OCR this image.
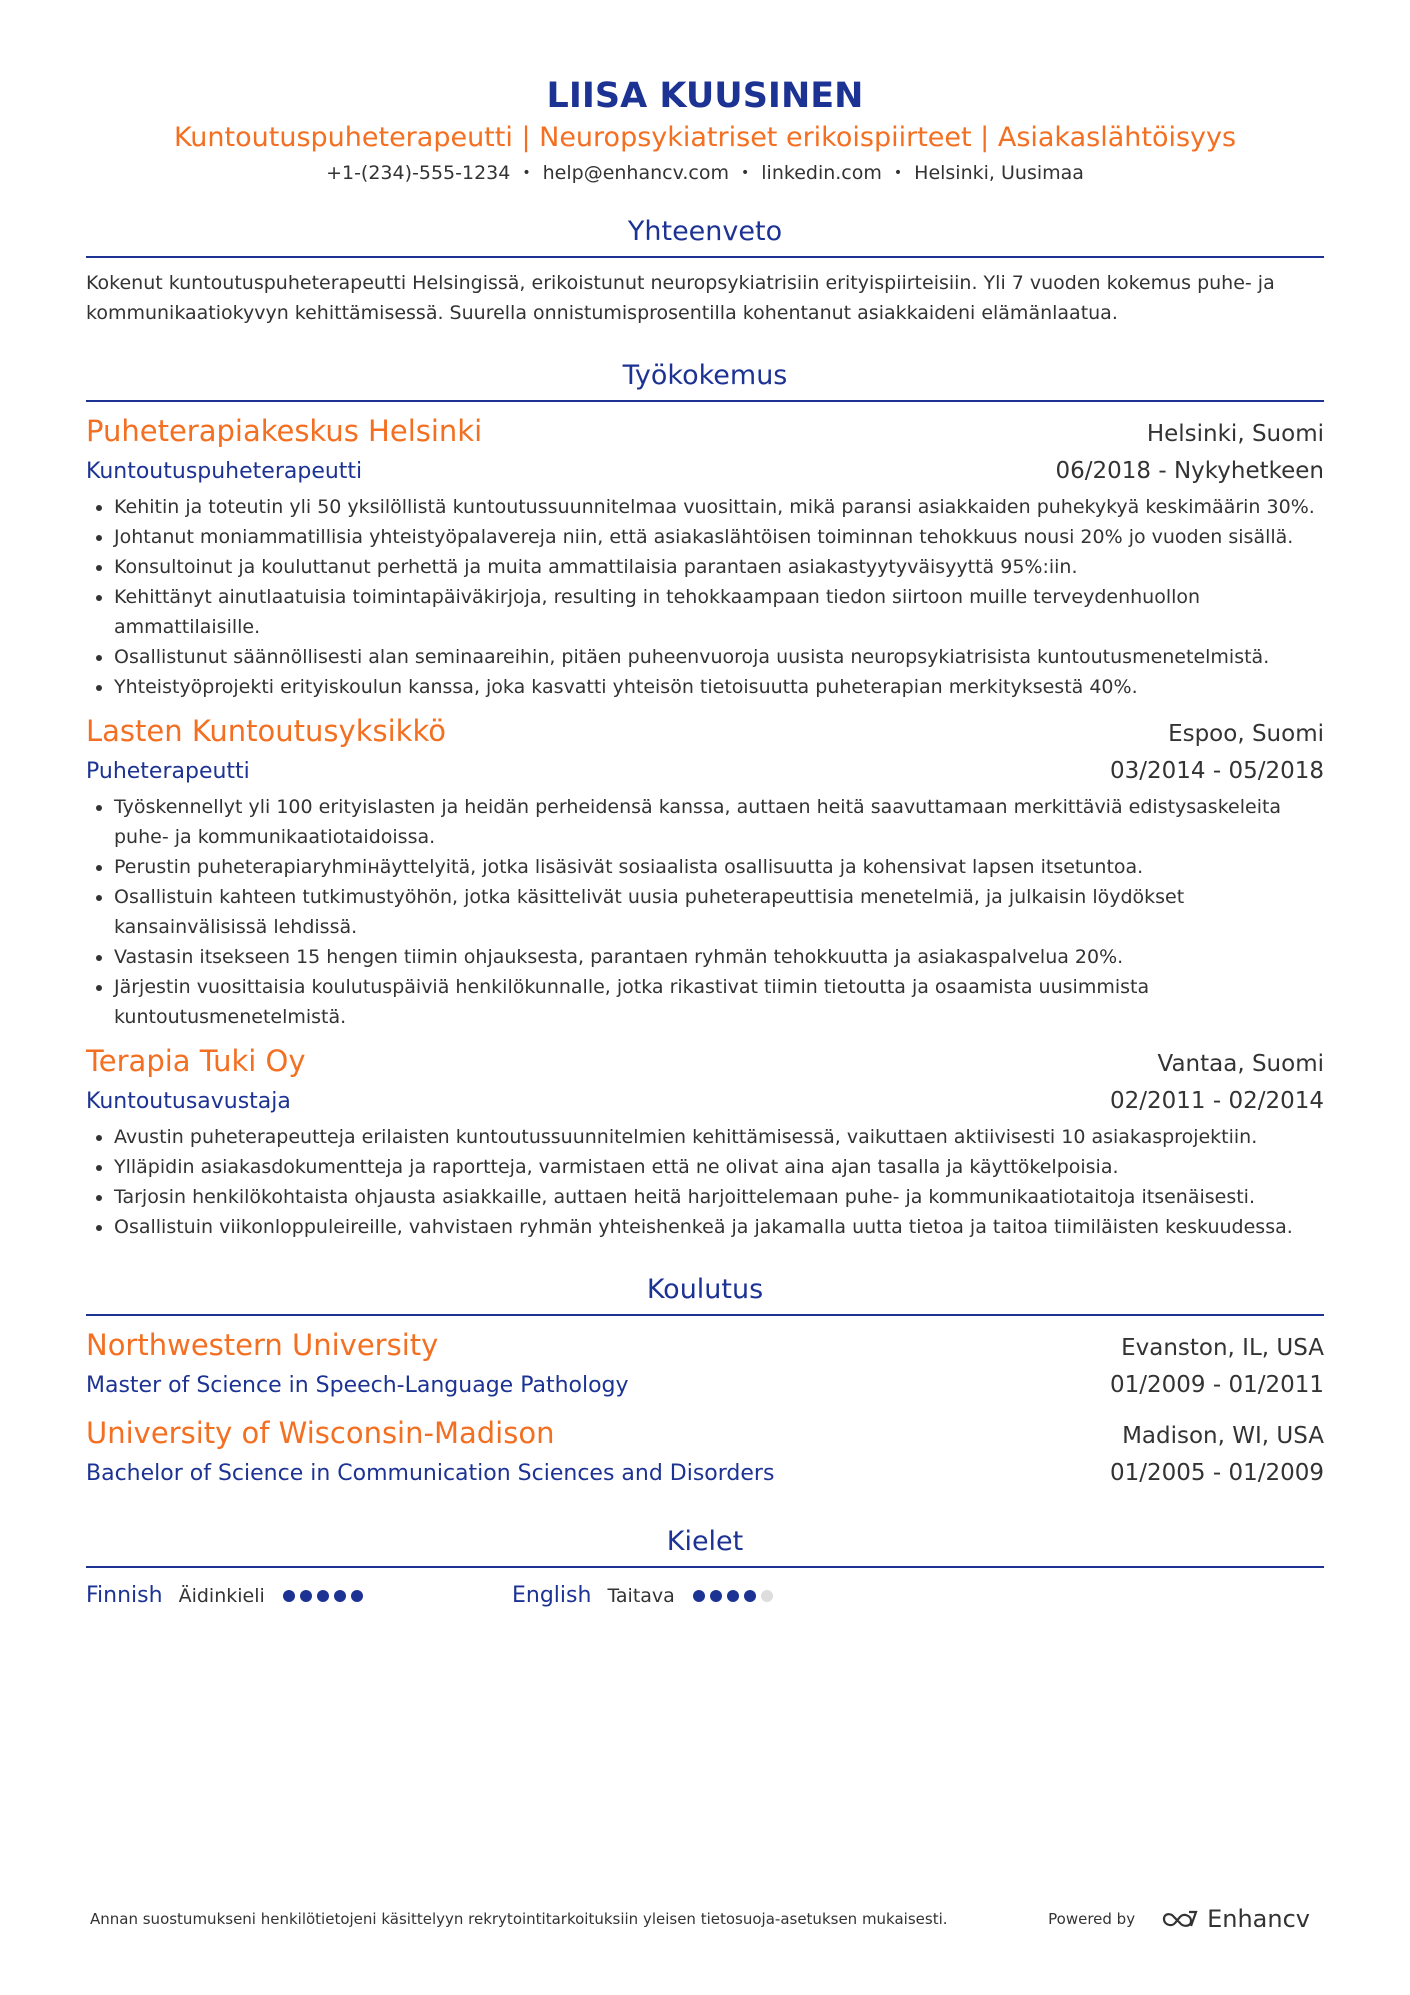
LIISA KUUSINEN
Kuntoutuspuheterapeutti | Neuropsykiatriset erikoispiirteet | Asiakaslähtöisyys
+1-(234)-555-1234 • help@enhancv.com • linkedin.com • Helsinki, Uusimaa
Yhteenveto
Kokenut kuntoutuspuheterapeutti Helsingissä, erikoistunut neuropsykiatrisiin erityispiirteisiin. Yli 7 vuoden kokemus puhe- ja kommunikaatiokyvyn kehittämisessä. Suurella onnistumisprosentilla kohentanut asiakkaideni elämänlaatua.
Työkokemus
Puheterapiakeskus Helsinki	Helsinki, Suomi
Kuntoutuspuheterapeutti	06/2018 - Nykyhetkeen
Kehitin ja toteutin yli 50 yksilöllistä kuntoutussuunnitelmaa vuosittain, mikä paransi asiakkaiden puhekykyä keskimäärin 30%.
Johtanut moniammatillisia yhteistyöpalavereja niin, että asiakaslähtöisen toiminnan tehokkuus nousi 20% jo vuoden sisällä.
Konsultoinut ja kouluttanut perhettä ja muita ammattilaisia parantaen asiakastyytyväisyyttä 95%:iin.
Kehittänyt ainutlaatuisia toimintapäiväkirjoja, resulting in tehokkaampaan tiedon siirtoon muille terveydenhuollon ammattilaisille.
Osallistunut säännöllisesti alan seminaareihin, pitäen puheenvuoroja uusista neuropsykiatrisista kuntoutusmenetelmistä.
Yhteistyöprojekti erityiskoulun kanssa, joka kasvatti yhteisön tietoisuutta puheterapian merkityksestä 40%.
Lasten Kuntoutusyksikkö	Espoo, Suomi
Puheterapeutti	03/2014 - 05/2018
Työskennellyt yli 100 erityislasten ja heidän perheidensä kanssa, auttaen heitä saavuttamaan merkittäviä edistysaskeleita puhe- ja kommunikaatiotaidoissa.
Perustin puheterapiaryhmінäyttelyitä, jotka lisäsivät sosiaalista osallisuutta ja kohensivat lapsen itsetuntoa.
Osallistuin kahteen tutkimustyöhön, jotka käsittelivät uusia puheterapeuttisia menetelmiä, ja julkaisin löydökset kansainvälisissä lehdissä.
Vastasin itsekseen 15 hengen tiimin ohjauksesta, parantaen ryhmän tehokkuutta ja asiakaspalvelua 20%.
Järjestin vuosittaisia koulutuspäiviä henkilökunnalle, jotka rikastivat tiimin tietoutta ja osaamista uusimmista kuntoutusmenetelmistä.
Terapia Tuki Oy	Vantaa, Suomi
Kuntoutusavustaja	02/2011 - 02/2014
Avustin puheterapeutteja erilaisten kuntoutussuunnitelmien kehittämisessä, vaikuttaen aktiivisesti 10 asiakasprojektiin.
Ylläpidin asiakasdokumentteja ja raportteja, varmistaen että ne olivat aina ajan tasalla ja käyttökelpoisia.
Tarjosin henkilökohtaista ohjausta asiakkaille, auttaen heitä harjoittelemaan puhe- ja kommunikaatiotaitoja itsenäisesti.
Osallistuin viikonloppuleireille, vahvistaen ryhmän yhteishenkeä ja jakamalla uutta tietoa ja taitoa tiimiläisten keskuudessa.
Koulutus
Northwestern University	Evanston, IL, USA
Master of Science in Speech-Language Pathology	01/2009 - 01/2011
University of Wisconsin-Madison	Madison, WI, USA
Bachelor of Science in Communication Sciences and Disorders	01/2005 - 01/2009
Kielet
Finnish Äidinkieli	English Taitava
Annan suostumukseni henkilötietojeni käsittelyyn rekrytointitarkoituksiin yleisen tietosuoja-asetuksen mukaisesti.	Powered by	Enhancv
